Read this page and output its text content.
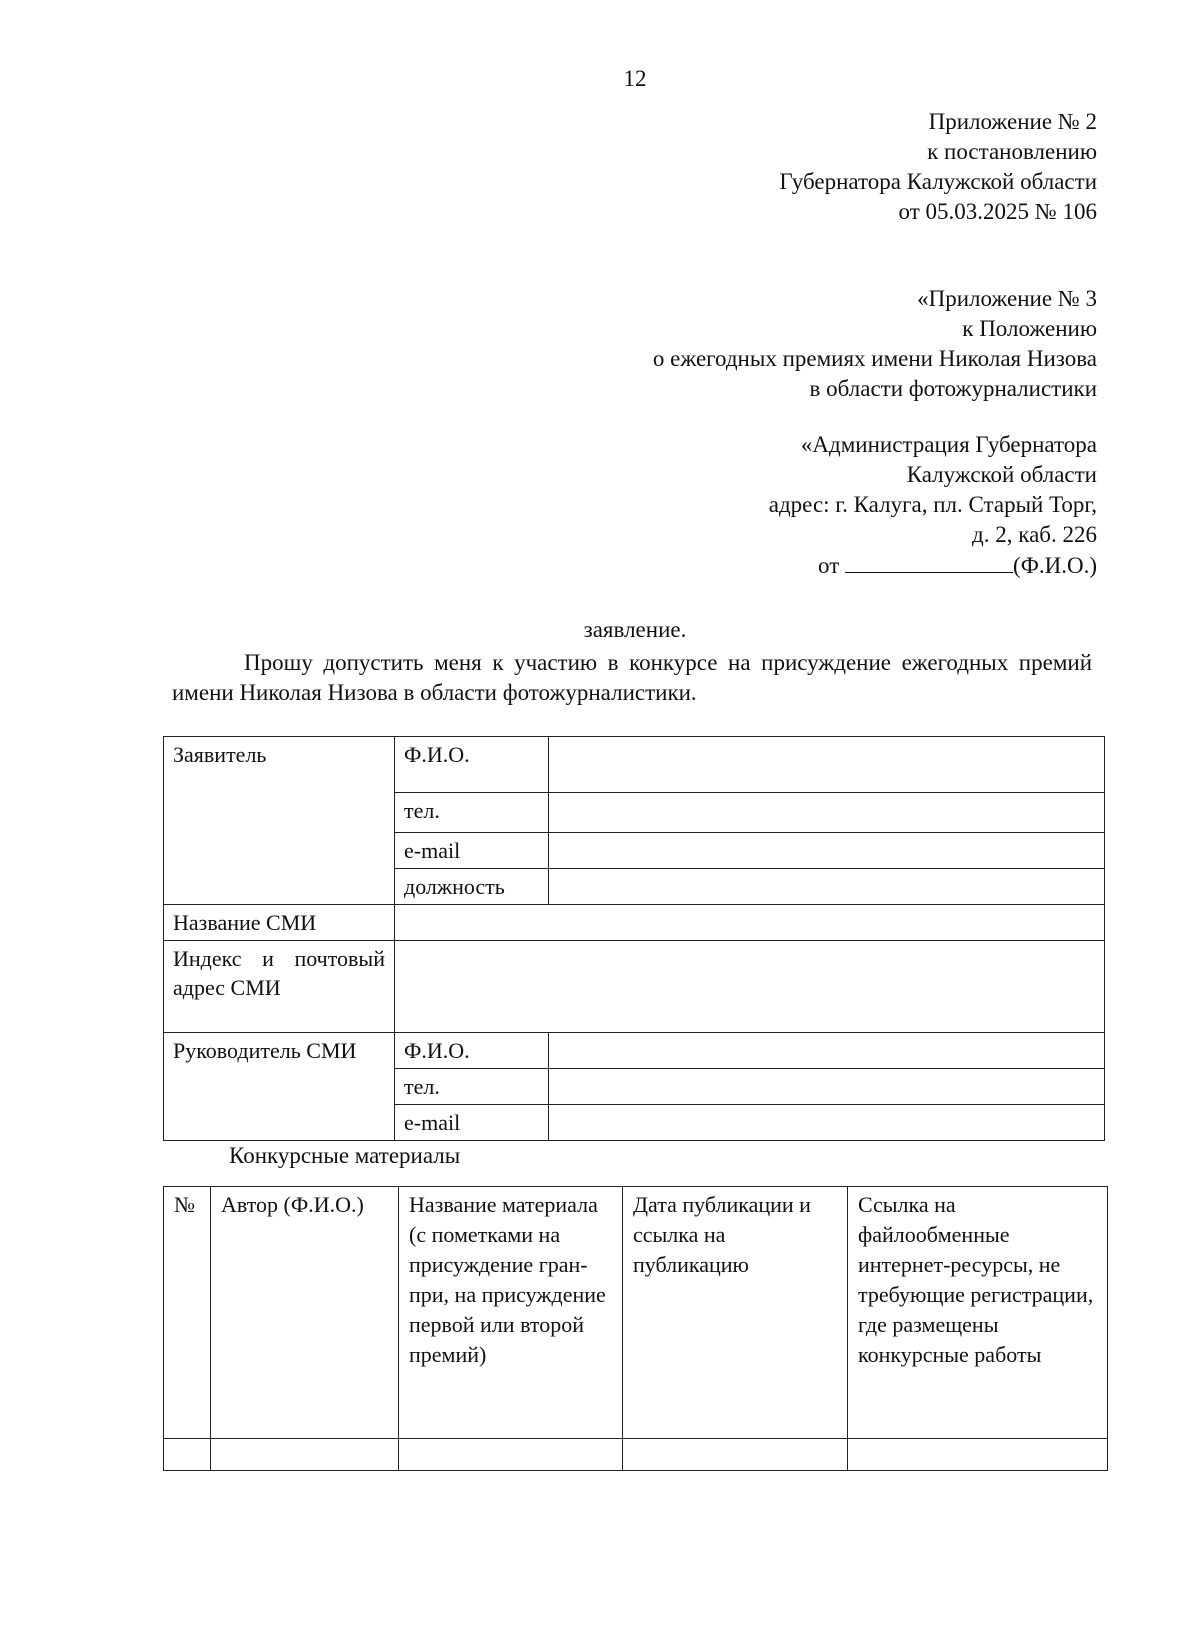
12
Приложение № 2
к постановлению
Губернатора Калужской области
от 05.03.2025 № 106
«Приложение № 3
к Положению
о ежегодных премиях имени Николая Низова
в области фотожурналистики
«Администрация Губернатора
Калужской области
адрес: г. Калуга, пл. Старый Торг,
д. 2, каб. 226
от	(Ф.И.О.)
заявление.
Прошу допустить меня к участию в конкурсе на присуждение ежегодных премий имени Николая Низова в области фотожурналистики.
Заявитель	Ф.И.О.	
	тел.	
	e-mail	
	должность	
Название СМИ		
Индекс и почтовый адрес СМИ		
Руководитель СМИ	Ф.И.О.	
	тел.	
	e-mail	
Конкурсные материалы
№	Автор (Ф.И.О.)	Название материала (с пометками на присуждение гран-при, на присуждение первой или второй премий)	Дата публикации и ссылка на публикацию	Ссылка на файлообменные интернет-ресурсы, не требующие регистрации, где размещены конкурсные работы
